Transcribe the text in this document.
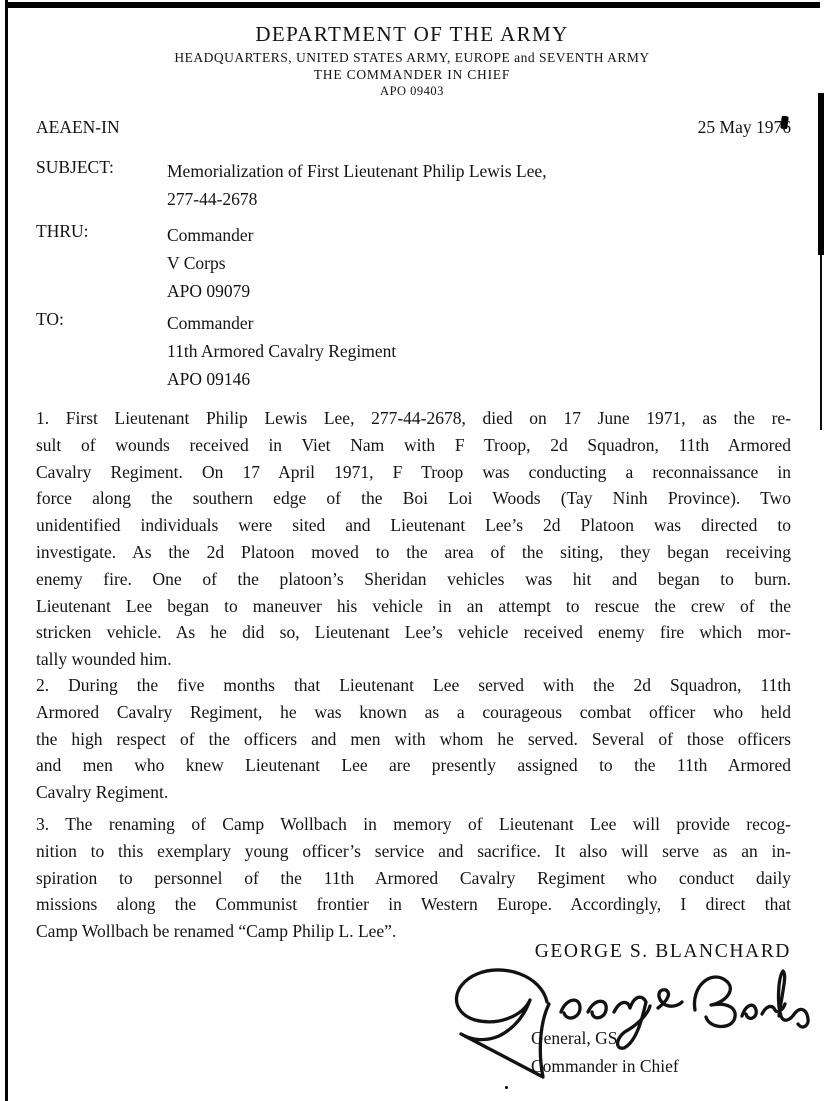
DEPARTMENT OF THE ARMY
HEADQUARTERS, UNITED STATES ARMY, EUROPE and SEVENTH ARMY
THE COMMANDER IN CHIEF
APO 09403
AEAEN-IN	25 May 1976
SUBJECT:	Memorialization of First Lieutenant Philip Lewis Lee,
277-44-2678
THRU:	Commander
V Corps
APO 09079
TO:	Commander
11th Armored Cavalry Regiment
APO 09146
1. First Lieutenant Philip Lewis Lee, 277-44-2678, died on 17 June 1971, as the re-
sult of wounds received in Viet Nam with F Troop, 2d Squadron, 11th Armored
Cavalry Regiment. On 17 April 1971, F Troop was conducting a reconnaissance in
force along the southern edge of the Boi Loi Woods (Tay Ninh Province). Two
unidentified individuals were sited and Lieutenant Lee’s 2d Platoon was directed to
investigate. As the 2d Platoon moved to the area of the siting, they began receiving
enemy fire. One of the platoon’s Sheridan vehicles was hit and began to burn.
Lieutenant Lee began to maneuver his vehicle in an attempt to rescue the crew of the
stricken vehicle. As he did so, Lieutenant Lee’s vehicle received enemy fire which mor-
tally wounded him.
2. During the five months that Lieutenant Lee served with the 2d Squadron, 11th
Armored Cavalry Regiment, he was known as a courageous combat officer who held
the high respect of the officers and men with whom he served. Several of those officers
and men who knew Lieutenant Lee are presently assigned to the 11th Armored
Cavalry Regiment.
3. The renaming of Camp Wollbach in memory of Lieutenant Lee will provide recog-
nition to this exemplary young officer’s service and sacrifice. It also will serve as an in-
spiration to personnel of the 11th Armored Cavalry Regiment who conduct daily
missions along the Communist frontier in Western Europe. Accordingly, I direct that
Camp Wollbach be renamed “Camp Philip L. Lee”.
GEORGE S. BLANCHARD
General, GS
Commander in Chief
